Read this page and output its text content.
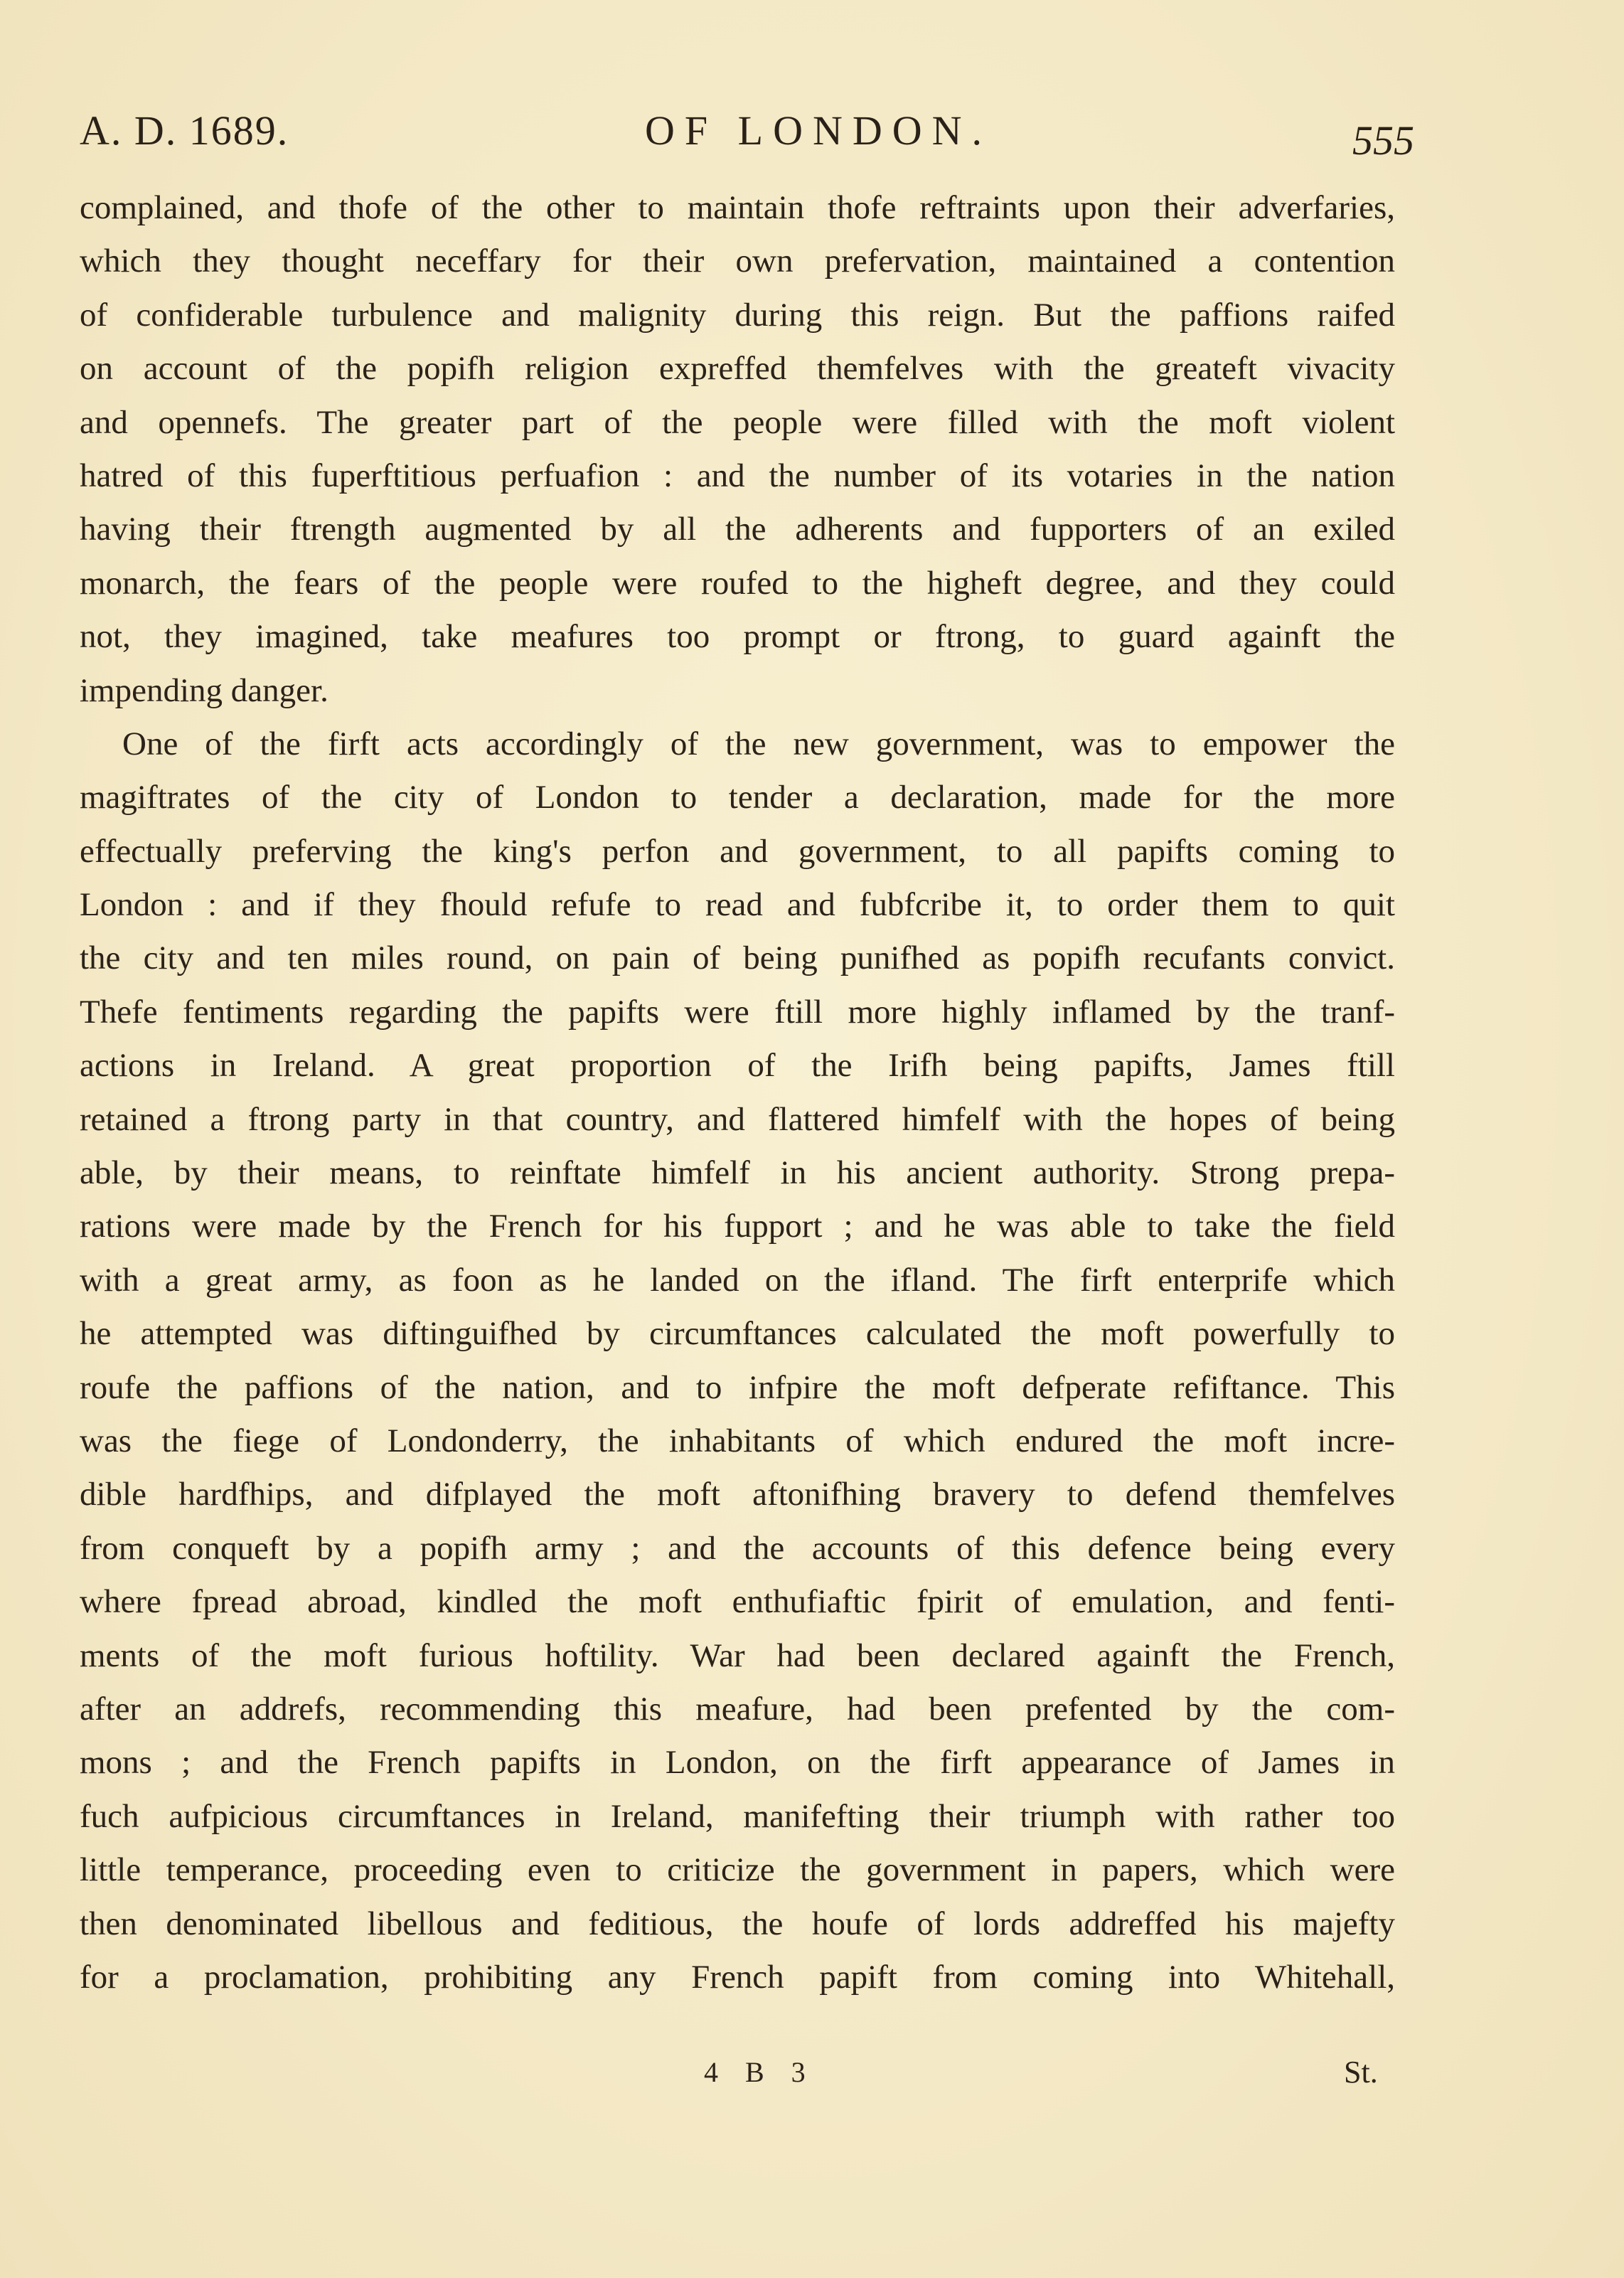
A. D. 1689.	OF LONDON.	555
complained, and thofe of the other to maintain thofe reftraints upon their adverfaries,
which they thought neceffary for their own prefervation, maintained a contention
of confiderable turbulence and malignity during this reign. But the paffions raifed
on account of the popifh religion expreffed themfelves with the greateft vivacity
and opennefs. The greater part of the people were filled with the moft violent
hatred of this fuperftitious perfuafion : and the number of its votaries in the nation
having their ftrength augmented by all the adherents and fupporters of an exiled
monarch, the fears of the people were roufed to the higheft degree, and they could
not, they imagined, take meafures too prompt or ftrong, to guard againft the
impending danger.
One of the firft acts accordingly of the new government, was to empower the
magiftrates of the city of London to tender a declaration, made for the more
effectually preferving the king's perfon and government, to all papifts coming to
London : and if they fhould refufe to read and fubfcribe it, to order them to quit
the city and ten miles round, on pain of being punifhed as popifh recufants convict.
Thefe fentiments regarding the papifts were ftill more highly inflamed by the tranf-
actions in Ireland. A great proportion of the Irifh being papifts, James ftill
retained a ftrong party in that country, and flattered himfelf with the hopes of being
able, by their means, to reinftate himfelf in his ancient authority. Strong prepa-
rations were made by the French for his fupport ; and he was able to take the field
with a great army, as foon as he landed on the ifland. The firft enterprife which
he attempted was diftinguifhed by circumftances calculated the moft powerfully to
roufe the paffions of the nation, and to infpire the moft defperate refiftance. This
was the fiege of Londonderry, the inhabitants of which endured the moft incre-
dible hardfhips, and difplayed the moft aftonifhing bravery to defend themfelves
from conqueft by a popifh army ; and the accounts of this defence being every
where fpread abroad, kindled the moft enthufiaftic fpirit of emulation, and fenti-
ments of the moft furious hoftility. War had been declared againft the French,
after an addrefs, recommending this meafure, had been prefented by the com-
mons ; and the French papifts in London, on the firft appearance of James in
fuch aufpicious circumftances in Ireland, manifefting their triumph with rather too
little temperance, proceeding even to criticize the government in papers, which were
then denominated libellous and feditious, the houfe of lords addreffed his majefty
for a proclamation, prohibiting any French papift from coming into Whitehall,
4 B 3	St.
